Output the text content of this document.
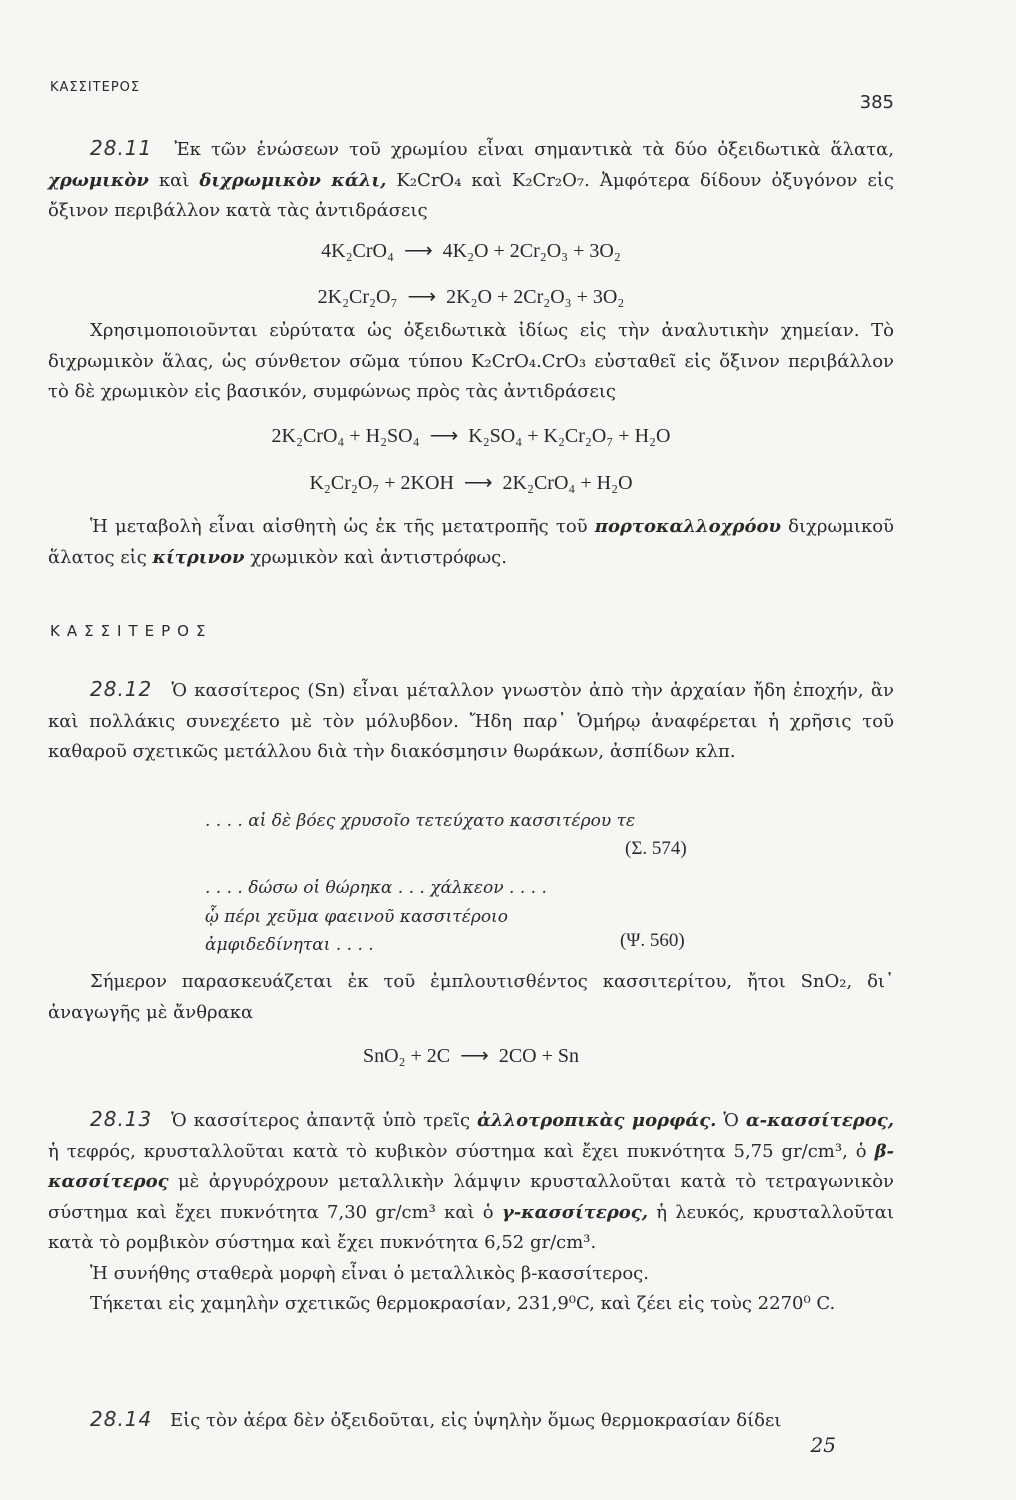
ΚΑΣΣΙΤΕΡΟΣ
385

28.11 Ἐκ τῶν ἑνώσεων τοῦ χρωμίου εἶναι σημαντικὰ τὰ δύο ὀξειδωτικὰ ἅλατα, χρωμικὸν καὶ διχρωμικὸν κάλι, K₂CrO₄ καὶ K₂Cr₂O₇. Ἀμφότερα δίδουν ὀξυγόνον εἰς ὄξινον περιβάλλον κατὰ τὰς ἀντιδράσεις

4K₂CrO₄  ⟶  4K₂O + 2Cr₂O₃ + 3O₂
2K₂Cr₂O₇  ⟶  2K₂O + 2Cr₂O₃ + 3O₂

Χρησιμοποιοῦνται εὐρύτατα ὡς ὀξειδωτικὰ ἰδίως εἰς τὴν ἀναλυτικὴν χημείαν. Τὸ διχρωμικὸν ἅλας, ὡς σύνθετον σῶμα τύπου K₂CrO₄.CrO₃ εὐσταθεῖ εἰς ὄξινον περιβάλλον τὸ δὲ χρωμικὸν εἰς βασικόν, συμφώνως πρὸς τὰς ἀντιδράσεις

2K₂CrO₄ + H₂SO₄  ⟶  K₂SO₄ + K₂Cr₂O₇ + H₂O
K₂Cr₂O₇ + 2KOH  ⟶  2K₂CrO₄ + H₂O

Ἡ μεταβολὴ εἶναι αἰσθητὴ ὡς ἐκ τῆς μετατροπῆς τοῦ πορτοκαλλοχρόου διχρωμικοῦ ἅλατος εἰς κίτρινον χρωμικὸν καὶ ἀντιστρόφως.

ΚΑΣΣΙΤΕΡΟΣ

28.12 Ὁ κασσίτερος (Sn) εἶναι μέταλλον γνωστὸν ἀπὸ τὴν ἀρχαίαν ἤδη ἐποχήν, ἂν καὶ πολλάκις συνεχέετο μὲ τὸν μόλυβδον. Ἤδη παρ᾽ Ὁμήρῳ ἀναφέρεται ἡ χρῆσις τοῦ καθαροῦ σχετικῶς μετάλλου διὰ τὴν διακόσμησιν θωράκων, ἀσπίδων κλπ.

. . . . αἱ δὲ βόες χρυσοῖο τετεύχατο κασσιτέρου τε
(Σ. 574)
. . . . δώσω οἱ θώρηκα . . . χάλκεον . . . .
ᾧ πέρι χεῦμα φαεινοῦ κασσιτέροιο
ἀμφιδεδίνηται . . . .	(Ψ. 560)

Σήμερον παρασκευάζεται ἐκ τοῦ ἐμπλουτισθέντος κασσιτερίτου, ἤτοι SnO₂, δι᾽ ἀναγωγῆς μὲ ἄνθρακα

SnO₂ + 2C  ⟶  2CO + Sn

28.13 Ὁ κασσίτερος ἀπαντᾷ ὑπὸ τρεῖς ἀλλοτροπικὰς μορφάς. Ὁ α-κασσίτερος, ἡ τεφρός, κρυσταλλοῦται κατὰ τὸ κυβικὸν σύστημα καὶ ἔχει πυκνότητα 5,75 gr/cm³, ὁ β-κασσίτερος μὲ ἀργυρόχρουν μεταλλικὴν λάμψιν κρυσταλλοῦται κατὰ τὸ τετραγωνικὸν σύστημα καὶ ἔχει πυκνότητα 7,30 gr/cm³ καὶ ὁ γ-κασσίτερος, ἡ λευκός, κρυσταλλοῦται κατὰ τὸ ρομβικὸν σύστημα καὶ ἔχει πυκνότητα 6,52 gr/cm³.

Ἡ συνήθης σταθερὰ μορφὴ εἶναι ὁ μεταλλικὸς β-κασσίτερος.

Τήκεται εἰς χαμηλὴν σχετικῶς θερμοκρασίαν, 231,9⁰C, καὶ ζέει εἰς τοὺς 2270⁰ C.

28.14 Εἰς τὸν ἀέρα δὲν ὀξειδοῦται, εἰς ὑψηλὴν ὅμως θερμοκρασίαν δίδει

25
